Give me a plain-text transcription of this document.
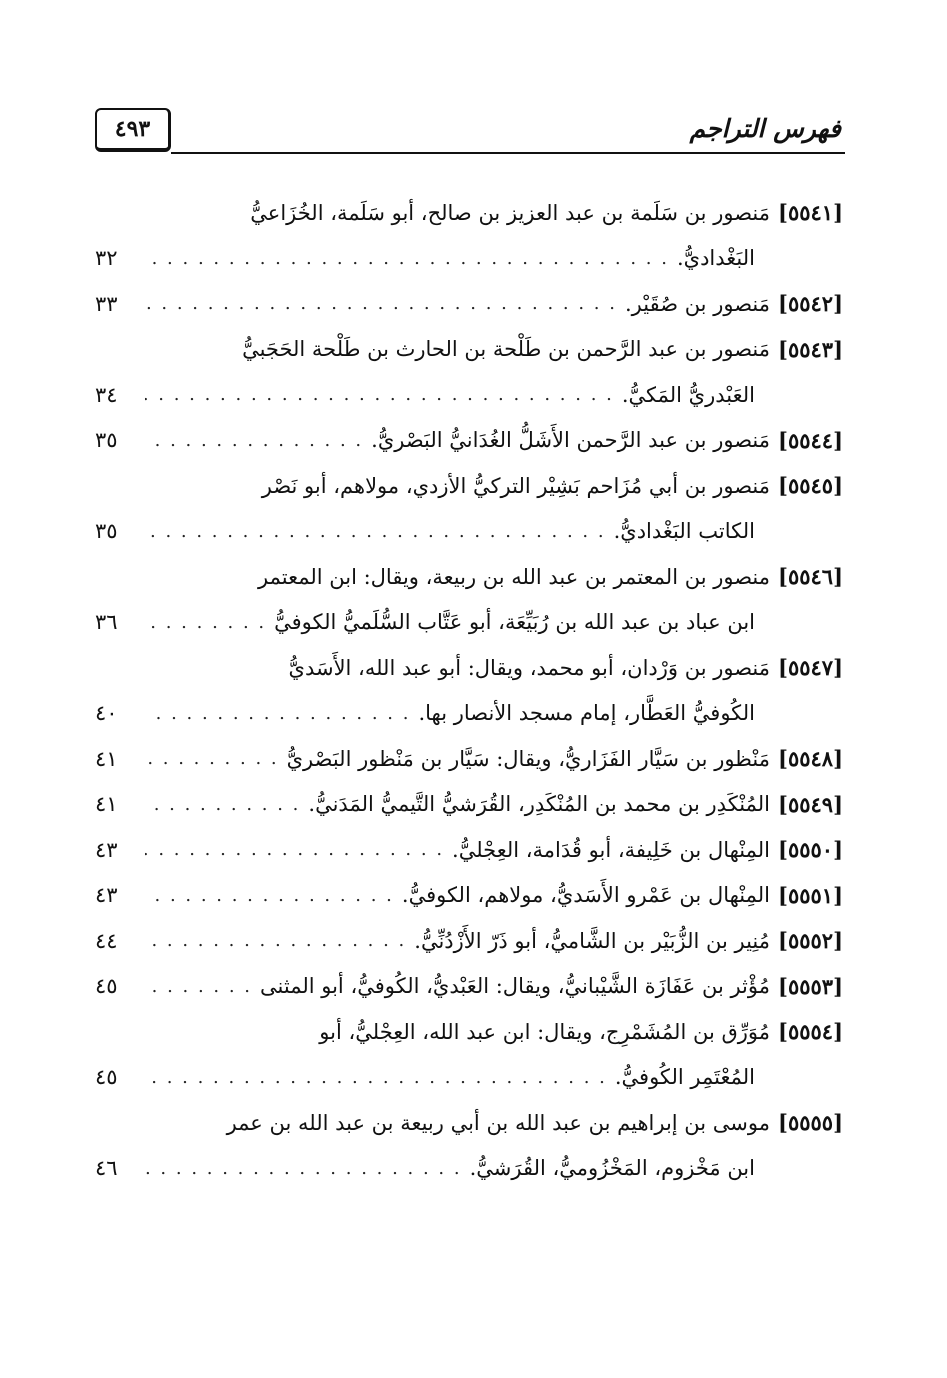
٤٩٣	فهرس التراجم
[٥٥٤١]
مَنصور بن سَلَمة بن عبد العزيز بن صالح، أبو سَلَمة، الخُزَاعيُّ
البَغْداديُّ.
. . .
٣٢
[٥٥٤٢]
مَنصور بن صُقَيْر.
. . .
٣٣
[٥٥٤٣]
مَنصور بن عبد الرَّحمن بن طَلْحة بن الحارث بن طَلْحة الحَجَبيُّ
العَبْدريُّ المَكيُّ.
. . .
٣٤
[٥٥٤٤]
مَنصور بن عبد الرَّحمن الأَشَلُّ الغُدَانيُّ البَصْريُّ.
. . .
٣٥
[٥٥٤٥]
مَنصور بن أبي مُزَاحم بَشِيْر التركيُّ الأزدي، مولاهم، أبو نَصْر
الكاتب البَغْداديُّ.
. . .
٣٥
[٥٥٤٦]
منصور بن المعتمر بن عبد الله بن ربيعة، ويقال: ابن المعتمر
ابن عباد بن عبد الله بن رُبَيِّعَة، أبو عَتَّاب السُّلَميُّ الكوفيُّ
. . .
٣٦
[٥٥٤٧]
مَنصور بن وَرْدان، أبو محمد، ويقال: أبو عبد الله، الأَسَديُّ
الكُوفيُّ العَطَّار، إمام مسجد الأنصار بها.
. . .
٤٠
[٥٥٤٨]
مَنْظور بن سَيَّار الفَزَاريُّ، ويقال: سَيَّار بن مَنْظور البَصْريُّ
. . .
٤١
[٥٥٤٩]
المُنْكَدِر بن محمد بن المُنْكَدِر، القُرَشيُّ التَّيميُّ المَدَنيُّ.
. . .
٤١
[٥٥٥٠]
المِنْهال بن خَلِيفة، أبو قُدَامة، العِجْليُّ.
. . .
٤٣
[٥٥٥١]
المِنْهال بن عَمْرو الأَسَديُّ، مولاهم، الكوفيُّ.
. . .
٤٣
[٥٥٥٢]
مُنِير بن الزُّبَيْر بن الشَّاميُّ، أبو ذَرّ الأَزْدُنِّيُّ.
. . .
٤٤
[٥٥٥٣]
مُؤْثر بن عَفَازَة الشَّيْبانيُّ، ويقال: العَبْديُّ، الكُوفيُّ، أبو المثنى
. . .
٤٥
[٥٥٥٤]
مُوَرِّق بن المُشَمْرِج، ويقال: ابن عبد الله، العِجْليُّ، أبو
المُعْتَمِر الكُوفيُّ.
. . .
٤٥
[٥٥٥٥]
موسى بن إبراهيم بن عبد الله بن أبي ربيعة بن عبد الله بن عمر
ابن مَخْزوم، المَخْزُوميُّ، القُرَشيُّ.
. . .
٤٦
